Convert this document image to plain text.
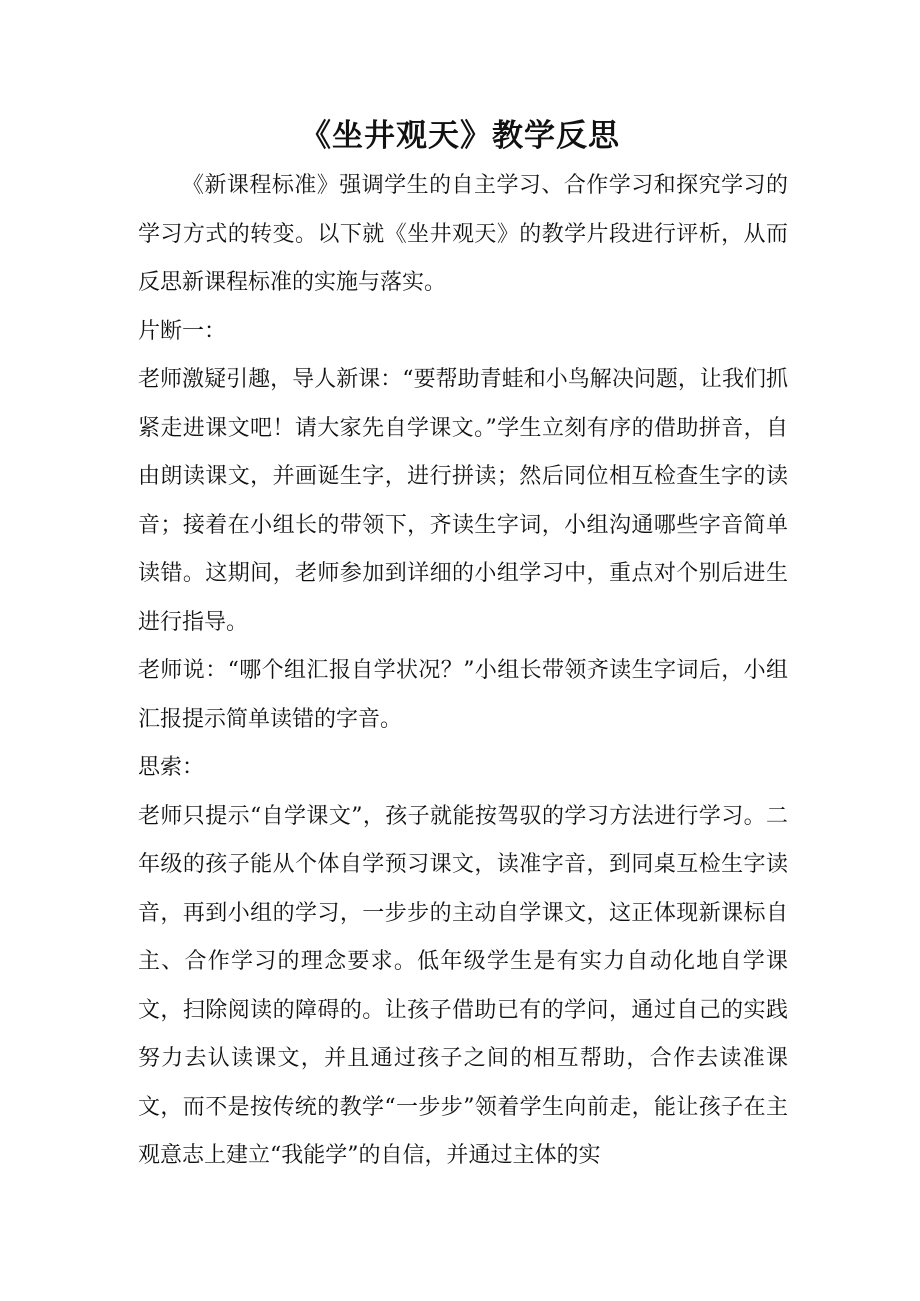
《坐井观天》教学反思

《新课程标准》强调学生的自主学习、合作学习和探究学习的学习方式的转变。以下就《坐井观天》的教学片段进行评析，从而反思新课程标准的实施与落实。

片断一：

老师激疑引趣，导人新课：“要帮助青蛙和小鸟解决问题，让我们抓紧走进课文吧！请大家先自学课文。”学生立刻有序的借助拼音，自由朗读课文，并画诞生字，进行拼读；然后同位相互检查生字的读音；接着在小组长的带领下，齐读生字词，小组沟通哪些字音简单读错。这期间，老师参加到详细的小组学习中，重点对个别后进生进行指导。

老师说：“哪个组汇报自学状况？”小组长带领齐读生字词后，小组汇报提示简单读错的字音。

思索：

老师只提示“自学课文”，孩子就能按驾驭的学习方法进行学习。二年级的孩子能从个体自学预习课文，读准字音，到同桌互检生字读音，再到小组的学习，一步步的主动自学课文，这正体现新课标自主、合作学习的理念要求。低年级学生是有实力自动化地自学课文，扫除阅读的障碍的。让孩子借助已有的学问，通过自己的实践努力去认读课文，并且通过孩子之间的相互帮助，合作去读准课文，而不是按传统的教学“一步步”领着学生向前走，能让孩子在主观意志上建立“我能学”的自信，并通过主体的实
